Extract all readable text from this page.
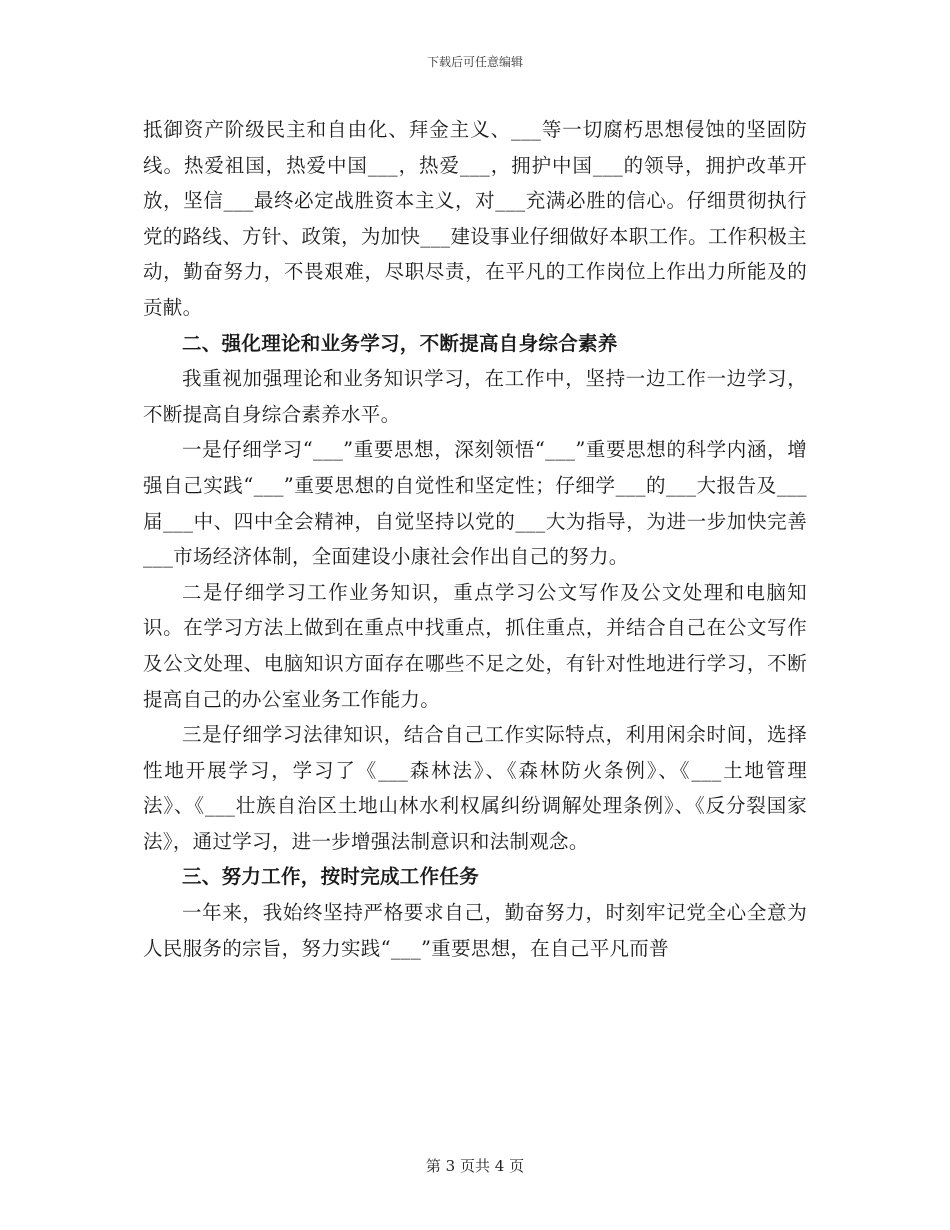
下载后可任意编辑

抵御资产阶级民主和自由化、拜金主义、___等一切腐朽思想侵蚀的坚固防线。热爱祖国，热爱中国___，热爱___，拥护中国___的领导，拥护改革开放，坚信___最终必定战胜资本主义，对___充满必胜的信心。仔细贯彻执行党的路线、方针、政策，为加快___建设事业仔细做好本职工作。工作积极主动，勤奋努力，不畏艰难，尽职尽责，在平凡的工作岗位上作出力所能及的贡献。

二、强化理论和业务学习，不断提高自身综合素养

我重视加强理论和业务知识学习，在工作中，坚持一边工作一边学习，不断提高自身综合素养水平。

一是仔细学习“___”重要思想，深刻领悟“___”重要思想的科学内涵，增强自己实践“___”重要思想的自觉性和坚定性；仔细学___的___大报告及___届___中、四中全会精神，自觉坚持以党的___大为指导，为进一步加快完善___市场经济体制，全面建设小康社会作出自己的努力。

二是仔细学习工作业务知识，重点学习公文写作及公文处理和电脑知识。在学习方法上做到在重点中找重点，抓住重点，并结合自己在公文写作及公文处理、电脑知识方面存在哪些不足之处，有针对性地进行学习，不断提高自己的办公室业务工作能力。

三是仔细学习法律知识，结合自己工作实际特点，利用闲余时间，选择性地开展学习，学习了《___森林法》、《森林防火条例》、《___土地管理法》、《___壮族自治区土地山林水利权属纠纷调解处理条例》、《反分裂国家法》，通过学习，进一步增强法制意识和法制观念。

三、努力工作，按时完成工作任务

一年来，我始终坚持严格要求自己，勤奋努力，时刻牢记党全心全意为人民服务的宗旨，努力实践“___”重要思想，在自己平凡而普

第 3 页共 4 页
